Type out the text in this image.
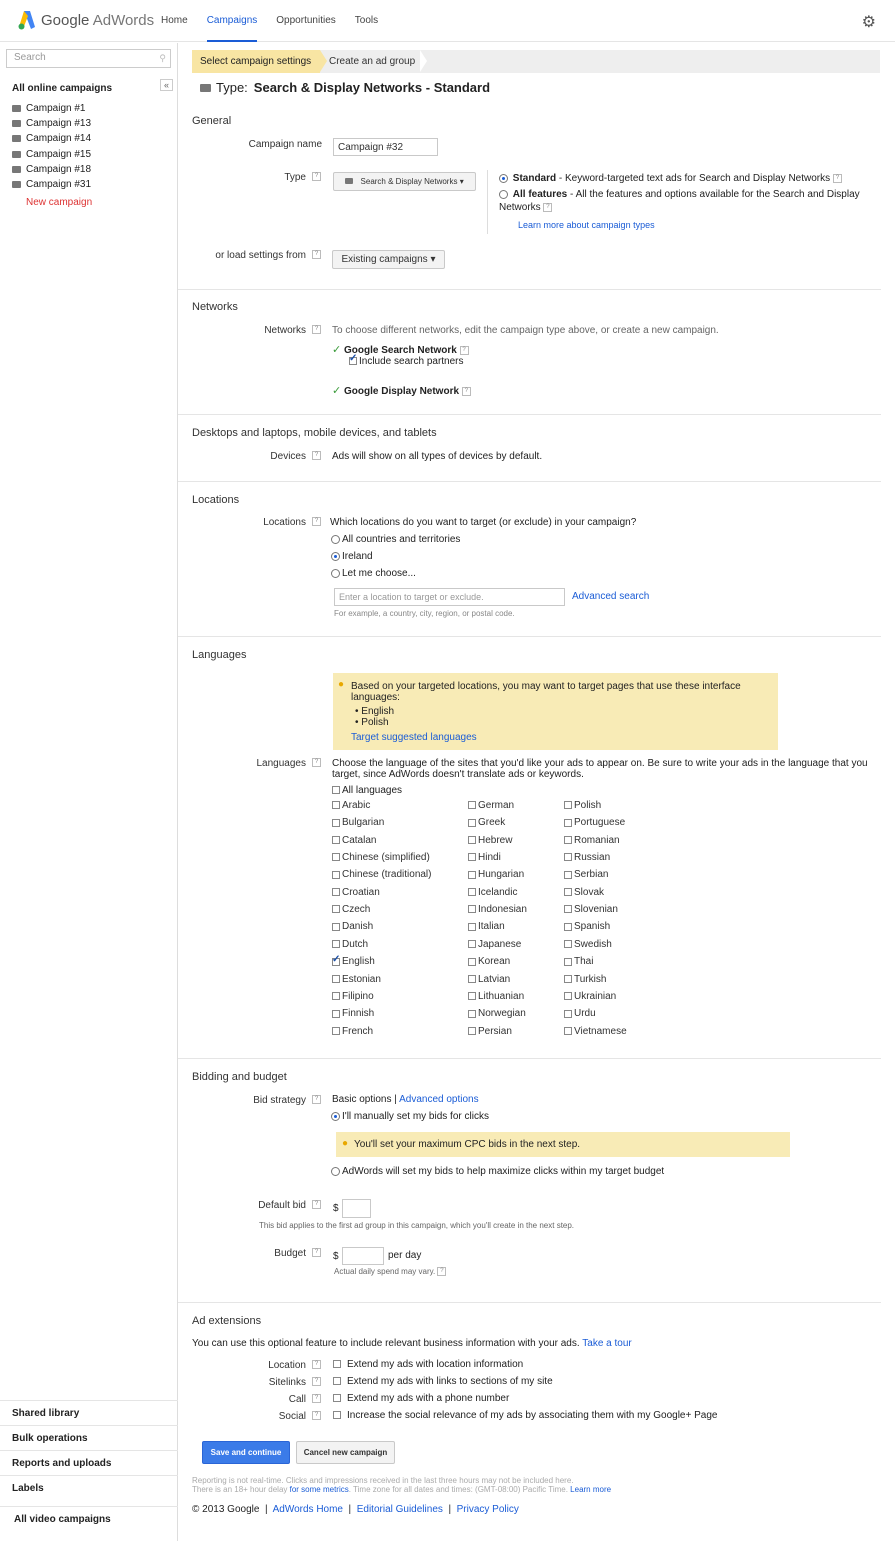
Google AdWords Home Campaigns Opportunities Tools	⚙
Search	⚲
«
All online campaigns
Campaign #1
Campaign #13
Campaign #14
Campaign #15
Campaign #18
Campaign #31
New campaign
Shared library
Bulk operations
Reports and uploads
Labels
All video campaigns
Select campaign settings	Create an ad group
Type: Search & Display Networks - Standard
General
Campaign name	Campaign #32
Type	?
Search & Display Networks ▾	Standard - Keyword-targeted text ads for Search and Display Networks ?
All features - All the features and options available for the Search and Display
Networks ?
Learn more about campaign types
or load settings from	?	Existing campaigns ▾
Networks
Networks	? To choose different networks, edit the campaign type above, or create a new campaign.
✓ Google Search Network ?
✓Include search partners
✓ Google Display Network ?
Desktops and laptops, mobile devices, and tablets
Devices	? Ads will show on all types of devices by default.
Locations
Locations	? Which locations do you want to target (or exclude) in your campaign?
All countries and territories
Ireland
Let me choose...
Enter a location to target or exclude.	Advanced search
For example, a country, city, region, or postal code.
Languages
● Based on your targeted locations, you may want to target pages that use these interface languages:
• English
• Polish
Target suggested languages
Languages	? Choose the language of the sites that you'd like your ads to appear on. Be sure to write your ads in the language that you target, since AdWords doesn't translate ads or keywords.
All languages
Arabic
Bulgarian
Catalan
Chinese (simplified)
Chinese (traditional)
Croatian
Czech
Danish
Dutch
✓English
Estonian
Filipino
Finnish
French
German
Greek
Hebrew
Hindi
Hungarian
Icelandic
Indonesian
Italian
Japanese
Korean
Latvian
Lithuanian
Norwegian
Persian
Polish
Portuguese
Romanian
Russian
Serbian
Slovak
Slovenian
Spanish
Swedish
Thai
Turkish
Ukrainian
Urdu
Vietnamese
Bidding and budget
Bid strategy	? Basic options | Advanced options
I'll manually set my bids for clicks
● You'll set your maximum CPC bids in the next step.
AdWords will set my bids to help maximize clicks within my target budget
Default bid	? $
This bid applies to the first ad group in this campaign, which you'll create in the next step.
Budget	? $	per day
Actual daily spend may vary. ?
Ad extensions
You can use this optional feature to include relevant business information with your ads. Take a tour
Location	?	Extend my ads with location information
Sitelinks	?	Extend my ads with links to sections of my site
Call	?	Extend my ads with a phone number
Social	?	Increase the social relevance of my ads by associating them with my Google+ Page
Save and continue	Cancel new campaign
Reporting is not real-time. Clicks and impressions received in the last three hours may not be included here.
There is an 18+ hour delay for some metrics. Time zone for all dates and times: (GMT-08:00) Pacific Time. Learn more
© 2013 Google  |  AdWords Home  |  Editorial Guidelines  |  Privacy Policy
